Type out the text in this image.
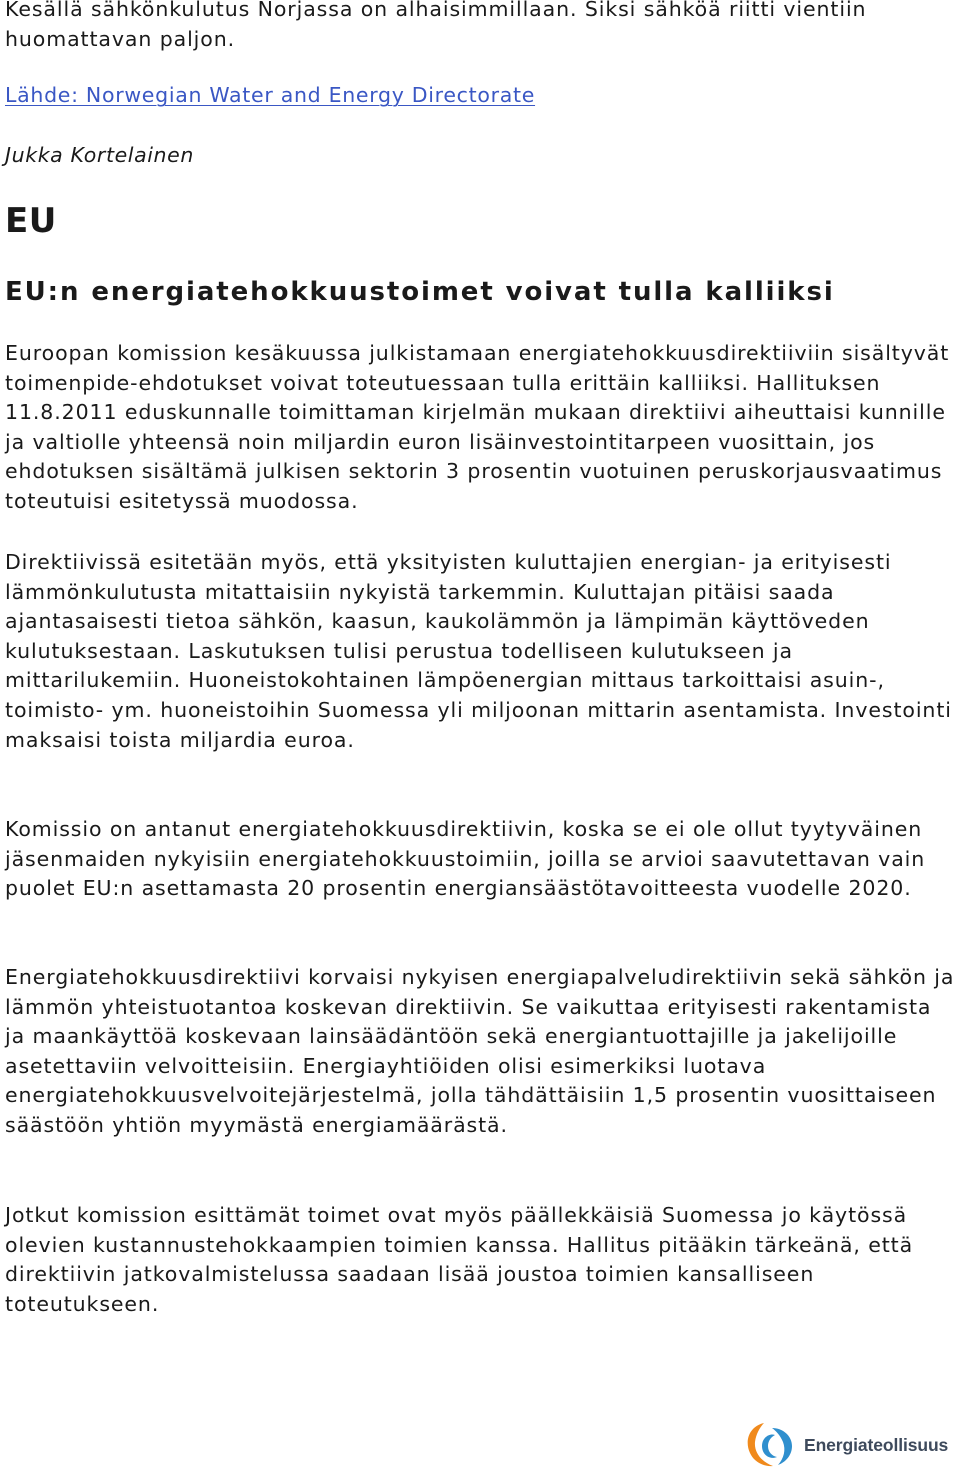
Kesällä sähkönkulutus Norjassa on alhaisimmillaan. Siksi sähköä riitti vientiin huomattavan paljon.

Lähde: Norwegian Water and Energy Directorate
Jukka Kortelainen
EU
EU:n energiatehokkuustoimet voivat tulla kalliiksi

Euroopan komission kesäkuussa julkistamaan energiatehokkuusdirektiiviin sisältyvät toimenpide-ehdotukset voivat toteutuessaan tulla erittäin kalliiksi. Hallituksen 11.8.2011 eduskunnalle toimittaman kirjelmän mukaan direktiivi aiheuttaisi kunnille ja valtiolle yhteensä noin miljardin euron lisäinvestointitarpeen vuosittain, jos ehdotuksen sisältämä julkisen sektorin 3 prosentin vuotuinen peruskorjausvaatimus toteutuisi esitetyssä muodossa.

Direktiivissä esitetään myös, että yksityisten kuluttajien energian- ja erityisesti lämmönkulutusta mitattaisiin nykyistä tarkemmin. Kuluttajan pitäisi saada ajantasaisesti tietoa sähkön, kaasun, kaukolämmön ja lämpimän käyttöveden kulutuksestaan. Laskutuksen tulisi perustua todelliseen kulutukseen ja mittarilukemiin. Huoneistokohtainen lämpöenergian mittaus tarkoittaisi asuin-, toimisto- ym. huoneistoihin Suomessa yli miljoonan mittarin asentamista. Investointi maksaisi toista miljardia euroa.

Komissio on antanut energiatehokkuusdirektiivin, koska se ei ole ollut tyytyväinen jäsenmaiden nykyisiin energiatehokkuustoimiin, joilla se arvioi saavutettavan vain puolet EU:n asettamasta 20 prosentin energiansäästötavoitteesta vuodelle 2020.

Energiatehokkuusdirektiivi korvaisi nykyisen energiapalveludirektiivin sekä sähkön ja lämmön yhteistuotantoa koskevan direktiivin. Se vaikuttaa erityisesti rakentamista ja maankäyttöä koskevaan lainsäädäntöön sekä energiantuottajille ja jakelijoille asetettaviin velvoitteisiin. Energiayhtiöiden olisi esimerkiksi luotava energiatehokkuusvelvoitejärjestelmä, jolla tähdättäisiin 1,5 prosentin vuosittaiseen säästöön yhtiön myymästä energiamäärästä.

Jotkut komission esittämät toimet ovat myös päällekkäisiä Suomessa jo käytössä olevien kustannustehokkaampien toimien kanssa. Hallitus pitääkin tärkeänä, että direktiivin jatkovalmistelussa saadaan lisää joustoa toimien kansalliseen toteutukseen.

Energiateollisuus
